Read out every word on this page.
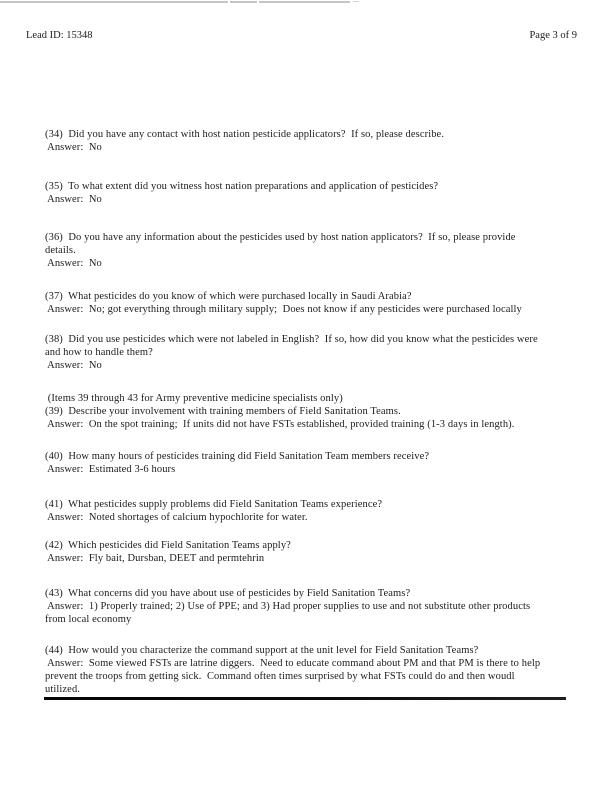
Lead ID: 15348	Page 3 of 9
(34)  Did you have any contact with host nation pesticide applicators?  If so, please describe.
Answer:  No
(35)  To what extent did you witness host nation preparations and application of pesticides?
Answer:  No
(36)  Do you have any information about the pesticides used by host nation applicators?  If so, please provide
details.
Answer:  No
(37)  What pesticides do you know of which were purchased locally in Saudi Arabia?
Answer:  No; got everything through military supply;  Does not know if any pesticides were purchased locally
(38)  Did you use pesticides which were not labeled in English?  If so, how did you know what the pesticides were
and how to handle them?
Answer:  No
(Items 39 through 43 for Army preventive medicine specialists only)
(39)  Describe your involvement with training members of Field Sanitation Teams.
Answer:  On the spot training;  If units did not have FSTs established, provided training (1-3 days in length).
(40)  How many hours of pesticides training did Field Sanitation Team members receive?
Answer:  Estimated 3-6 hours
(41)  What pesticides supply problems did Field Sanitation Teams experience?
Answer:  Noted shortages of calcium hypochlorite for water.
(42)  Which pesticides did Field Sanitation Teams apply?
Answer:  Fly bait, Dursban, DEET and permtehrin
(43)  What concerns did you have about use of pesticides by Field Sanitation Teams?
Answer:  1) Properly trained; 2) Use of PPE; and 3) Had proper supplies to use and not substitute other products
from local economy
(44)  How would you characterize the command support at the unit level for Field Sanitation Teams?
Answer:  Some viewed FSTs are latrine diggers.  Need to educate command about PM and that PM is there to help
prevent the troops from getting sick.  Command often times surprised by what FSTs could do and then woudl
utilized.
